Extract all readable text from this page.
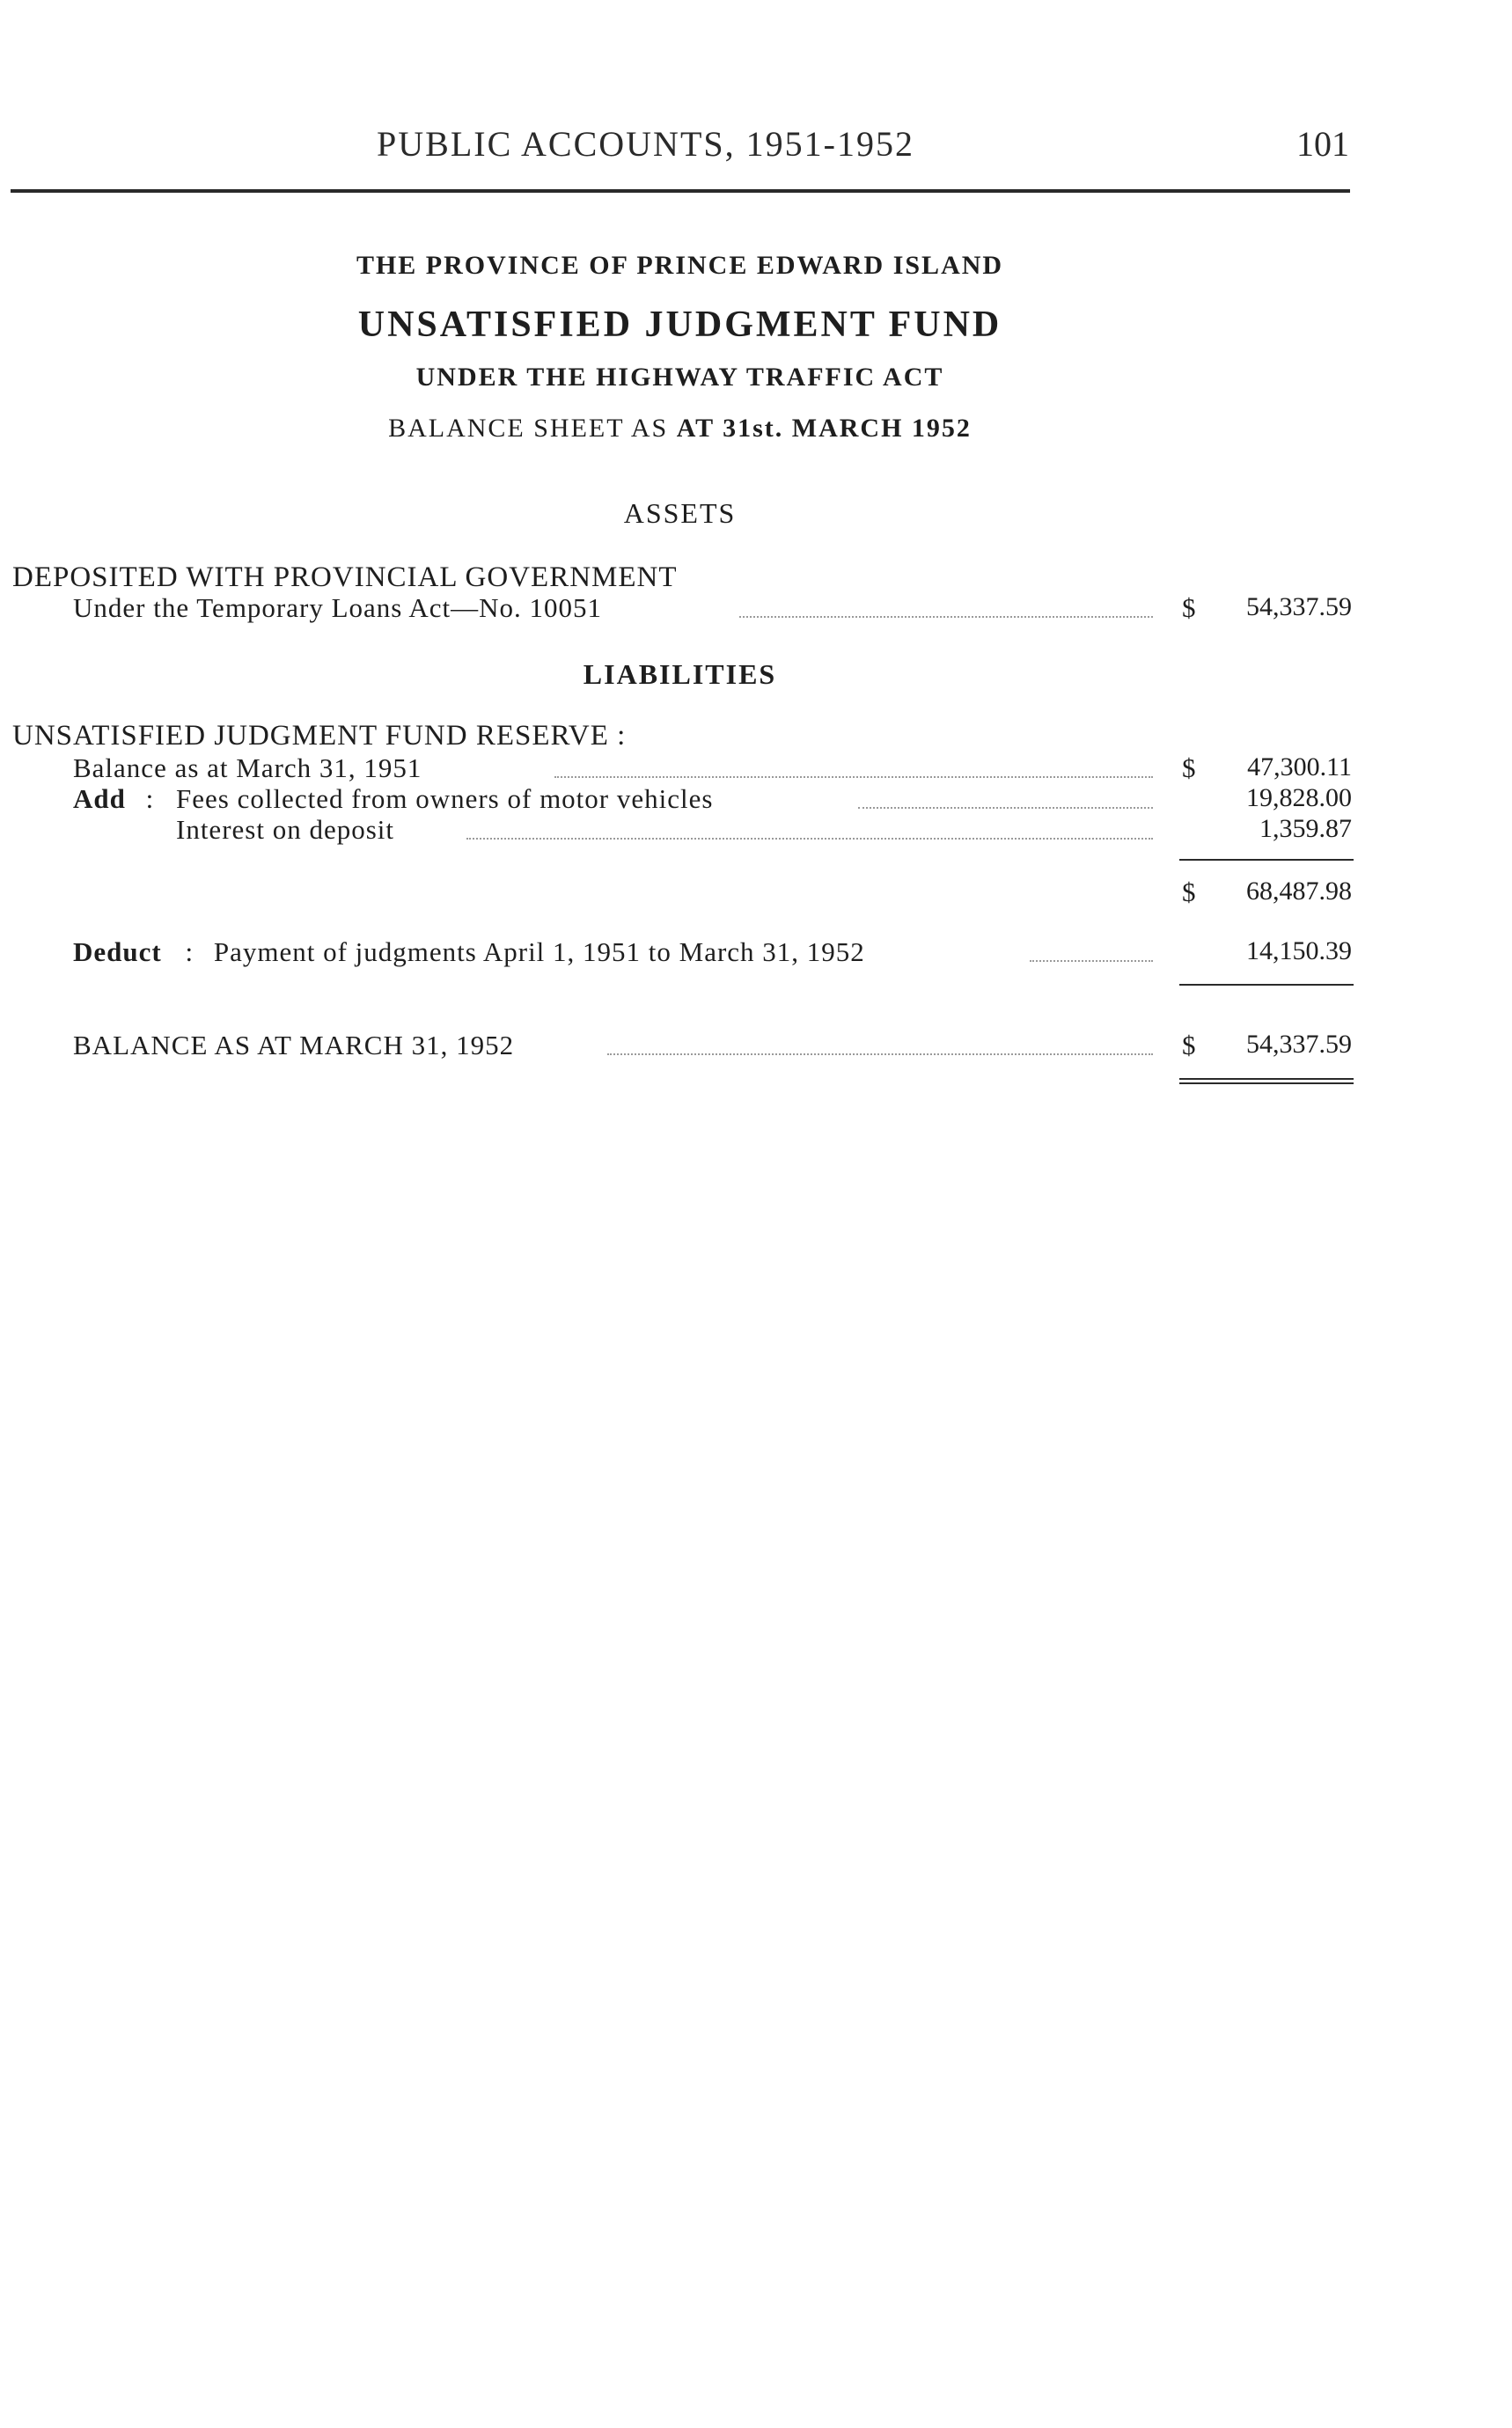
PUBLIC ACCOUNTS, 1951-1952	101
THE PROVINCE OF PRINCE EDWARD ISLAND
UNSATISFIED JUDGMENT FUND
UNDER THE HIGHWAY TRAFFIC ACT
BALANCE SHEET AS AT 31st. MARCH 1952
ASSETS
DEPOSITED WITH PROVINCIAL GOVERNMENT
Under the Temporary Loans Act—No. 10051	$ 54,337.59
LIABILITIES
UNSATISFIED JUDGMENT FUND RESERVE :
Balance as at March 31, 1951	$ 47,300.11
Add : Fees collected from owners of motor vehicles	19,828.00
Interest on deposit	1,359.87
$ 68,487.98
Deduct : Payment of judgments April 1, 1951 to March 31, 1952	14,150.39
BALANCE AS AT MARCH 31, 1952	$ 54,337.59
